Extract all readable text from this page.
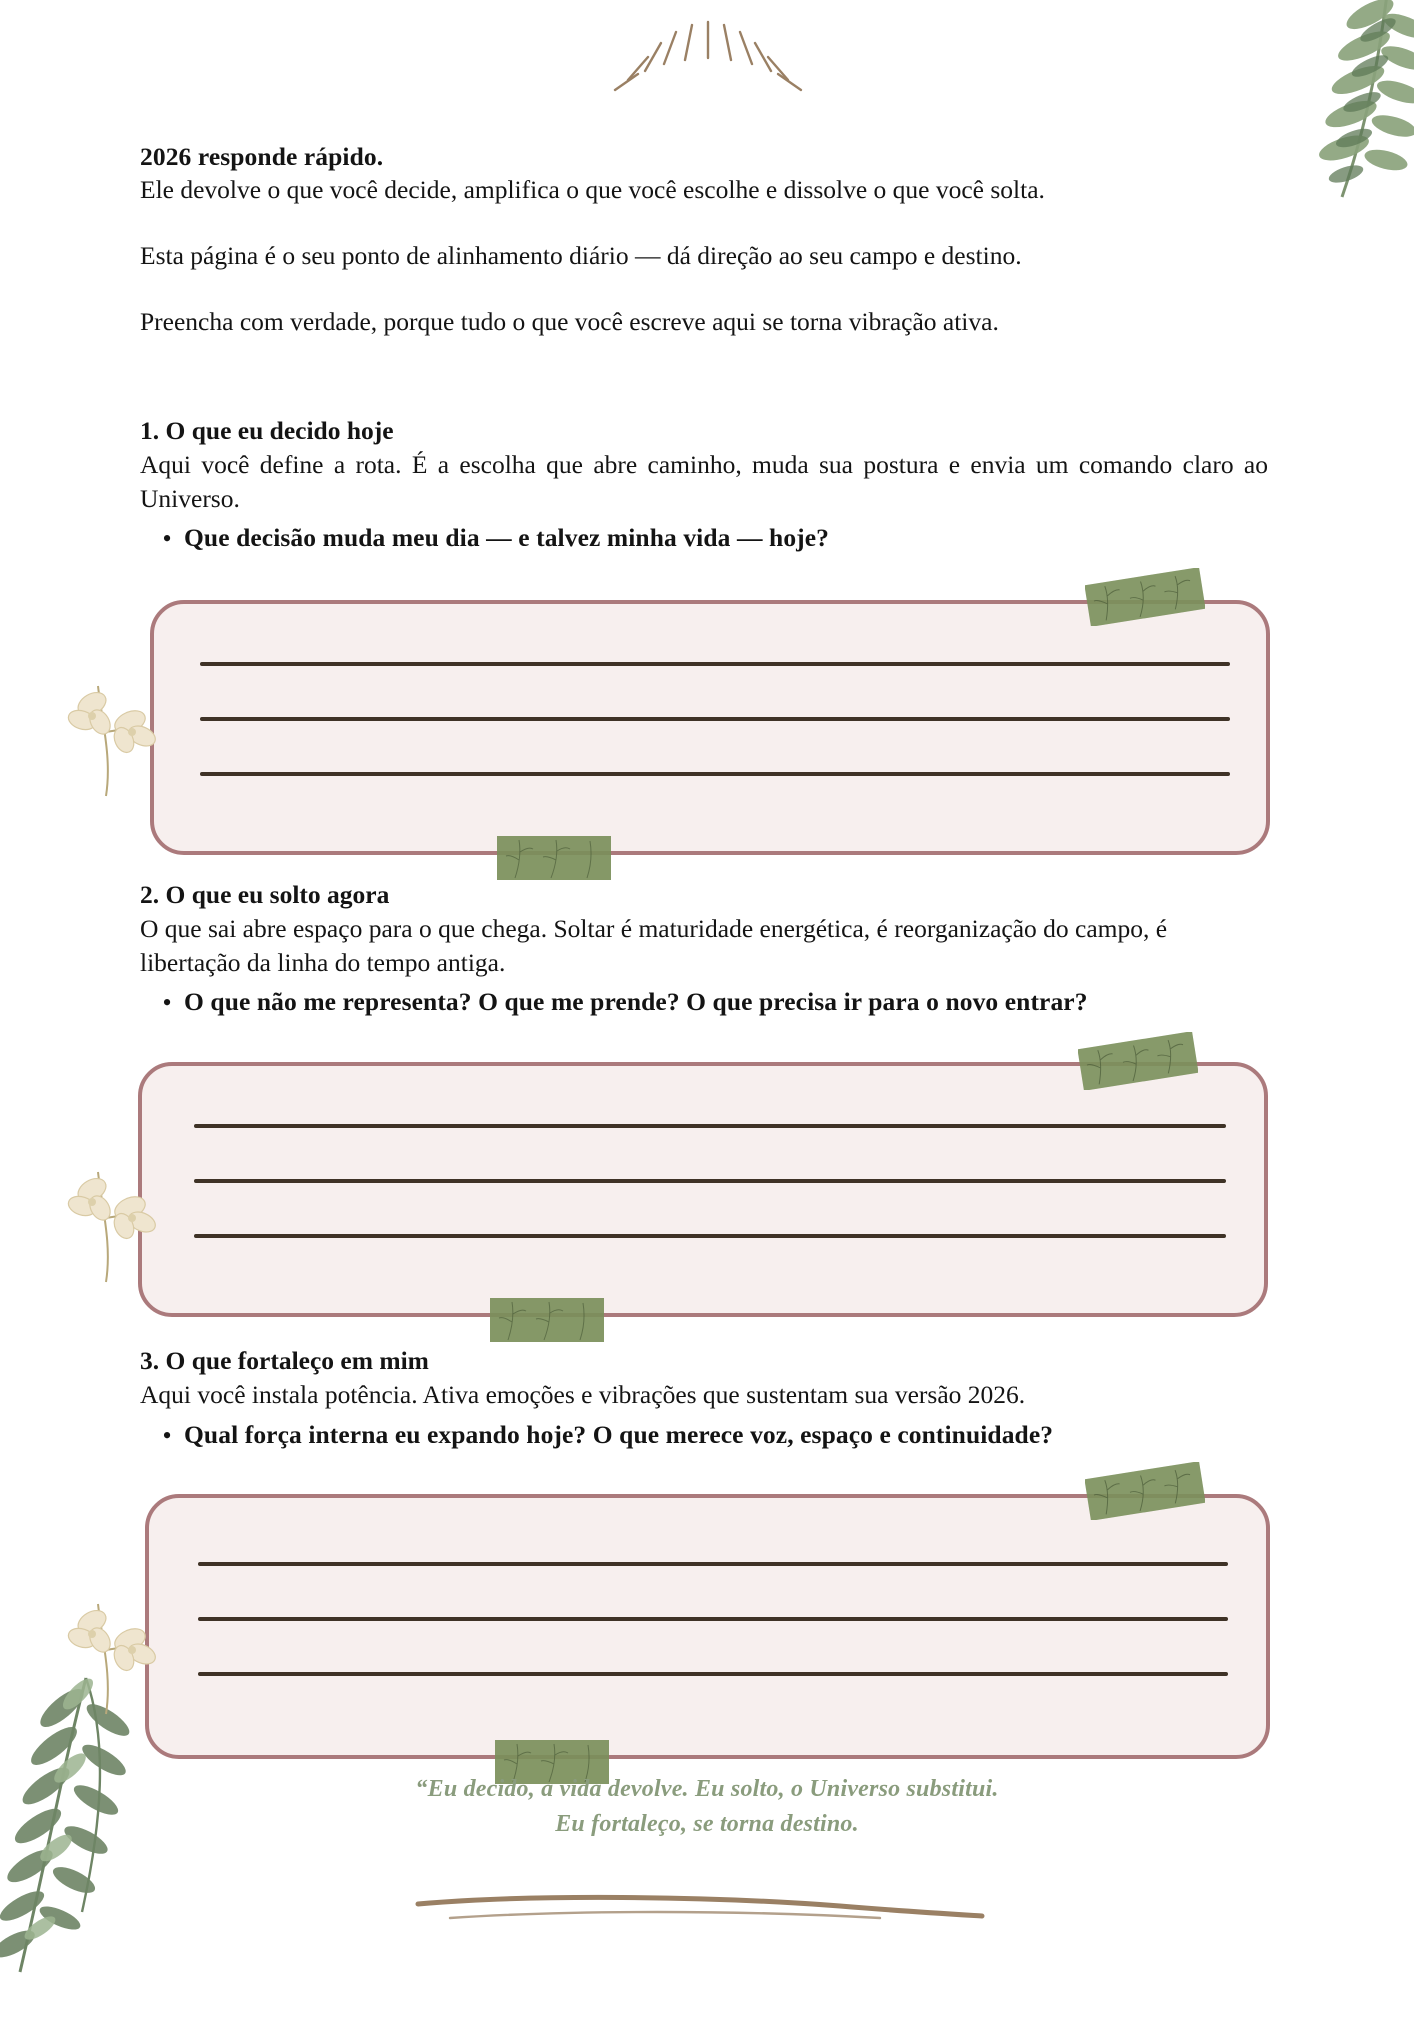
2026 responde rápido.
Ele devolve o que você decide, amplifica o que você escolhe e dissolve o que você solta.
Esta página é o seu ponto de alinhamento diário — dá direção ao seu campo e destino.
Preencha com verdade, porque tudo o que você escreve aqui se torna vibração ativa.
1. O que eu decido hoje
Aqui você define a rota. É a escolha que abre caminho, muda sua postura e envia um comando claro ao Universo.
• Que decisão muda meu dia — e talvez minha vida — hoje?
2. O que eu solto agora
O que sai abre espaço para o que chega. Soltar é maturidade energética, é reorganização do campo, é libertação da linha do tempo antiga.
• O que não me representa? O que me prende? O que precisa ir para o novo entrar?
3. O que fortaleço em mim
Aqui você instala potência. Ativa emoções e vibrações que sustentam sua versão 2026.
• Qual força interna eu expando hoje? O que merece voz, espaço e continuidade?
“Eu decido, a vida devolve. Eu solto, o Universo substitui.
Eu fortaleço, se torna destino.
